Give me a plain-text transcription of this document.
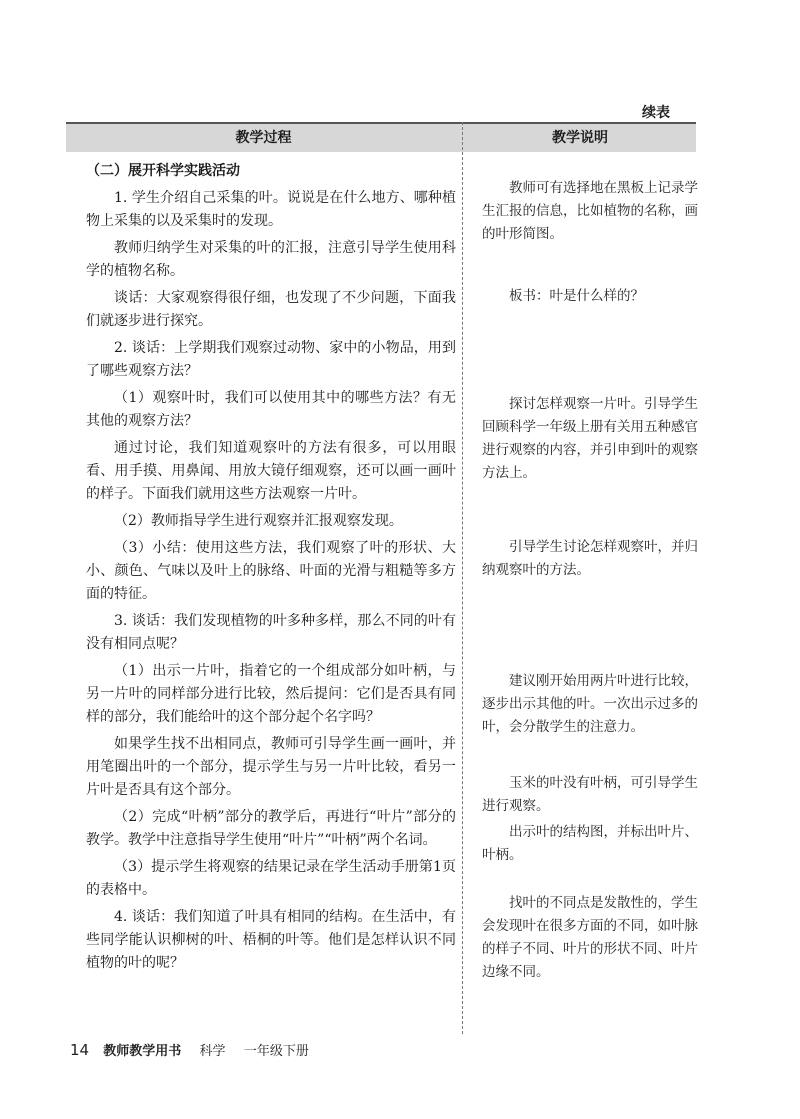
续表
教学过程	教学说明

（二）展开科学实践活动

1. 学生介绍自己采集的叶。说说是在什么地方、哪种植物上采集的以及采集时的发现。

教师归纳学生对采集的叶的汇报，注意引导学生使用科学的植物名称。

谈话：大家观察得很仔细，也发现了不少问题，下面我们就逐步进行探究。

2. 谈话：上学期我们观察过动物、家中的小物品，用到了哪些观察方法？

（1）观察叶时，我们可以使用其中的哪些方法？有无其他的观察方法？

通过讨论，我们知道观察叶的方法有很多，可以用眼看、用手摸、用鼻闻、用放大镜仔细观察，还可以画一画叶的样子。下面我们就用这些方法观察一片叶。

（2）教师指导学生进行观察并汇报观察发现。

（3）小结：使用这些方法，我们观察了叶的形状、大小、颜色、气味以及叶上的脉络、叶面的光滑与粗糙等多方面的特征。

3. 谈话：我们发现植物的叶多种多样，那么不同的叶有没有相同点呢？

（1）出示一片叶，指着它的一个组成部分如叶柄，与另一片叶的同样部分进行比较，然后提问：它们是否具有同样的部分，我们能给叶的这个部分起个名字吗？

如果学生找不出相同点，教师可引导学生画一画叶，并用笔圈出叶的一个部分，提示学生与另一片叶比较，看另一片叶是否具有这个部分。

（2）完成“叶柄”部分的教学后，再进行“叶片”部分的教学。教学中注意指导学生使用“叶片”“叶柄”两个名词。

（3）提示学生将观察的结果记录在学生活动手册第1页的表格中。

4. 谈话：我们知道了叶具有相同的结构。在生活中，有些同学能认识柳树的叶、梧桐的叶等。他们是怎样认识不同植物的叶的呢？

教师可有选择地在黑板上记录学生汇报的信息，比如植物的名称，画的叶形简图。

板书：叶是什么样的？

探讨怎样观察一片叶。引导学生回顾科学一年级上册有关用五种感官进行观察的内容，并引申到叶的观察方法上。

引导学生讨论怎样观察叶，并归纳观察叶的方法。

建议刚开始用两片叶进行比较，逐步出示其他的叶。一次出示过多的叶，会分散学生的注意力。

玉米的叶没有叶柄，可引导学生进行观察。

出示叶的结构图，并标出叶片、叶柄。

找叶的不同点是发散性的，学生会发现叶在很多方面的不同，如叶脉的样子不同、叶片的形状不同、叶片边缘不同。

14 教师教学用书 科学 一年级下册
